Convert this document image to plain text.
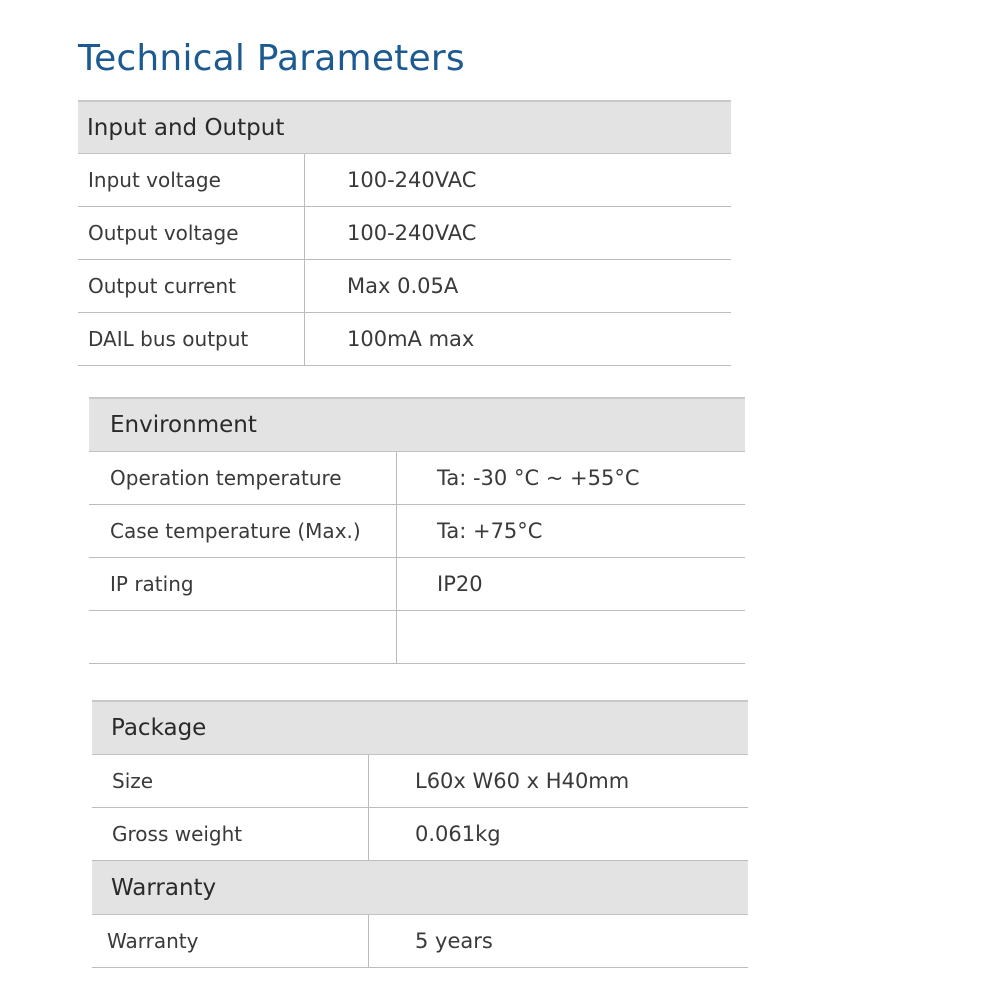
Technical Parameters
Input and Output
Input voltage	100-240VAC
Output voltage	100-240VAC
Output current	Max 0.05A
DAIL bus output	100mA max
Environment
Operation temperature	Ta: -30 °C ~ +55°C
Case temperature (Max.)	Ta: +75°C
IP rating	IP20
Package
Size	L60x W60 x H40mm
Gross weight	0.061kg
Warranty
Warranty	5 years
